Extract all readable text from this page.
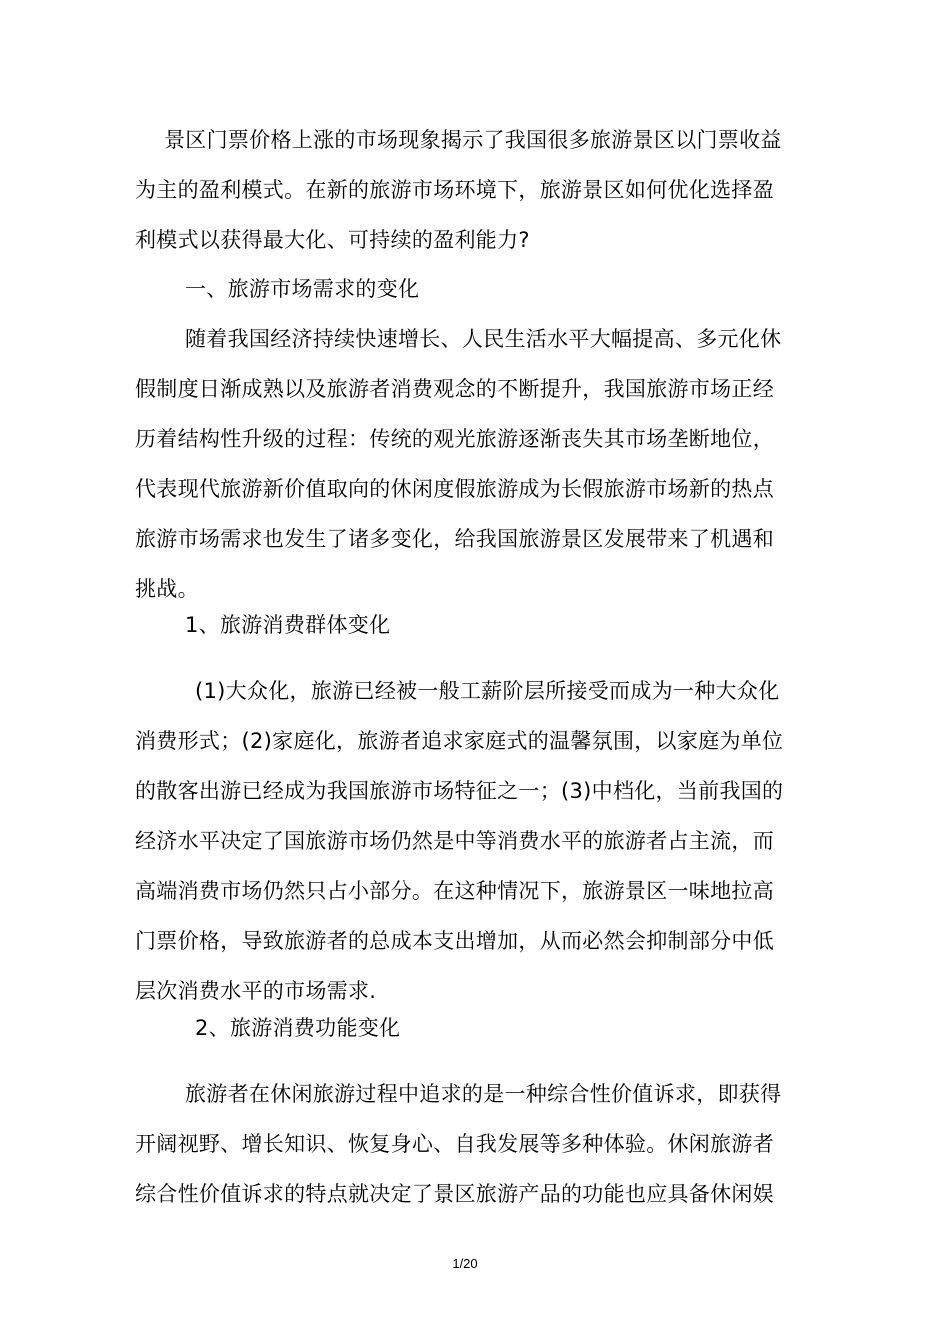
景区门票价格上涨的市场现象揭示了我国很多旅游景区以门票收益
为主的盈利模式。在新的旅游市场环境下，旅游景区如何优化选择盈
利模式以获得最大化、可持续的盈利能力?
一、旅游市场需求的变化
随着我国经济持续快速增长、人民生活水平大幅提高、多元化休
假制度日渐成熟以及旅游者消费观念的不断提升，我国旅游市场正经
历着结构性升级的过程：传统的观光旅游逐渐丧失其市场垄断地位，
代表现代旅游新价值取向的休闲度假旅游成为长假旅游市场新的热点
旅游市场需求也发生了诸多变化，给我国旅游景区发展带来了机遇和
挑战。
1、旅游消费群体变化
(1)大众化，旅游已经被一般工薪阶层所接受而成为一种大众化
消费形式；(2)家庭化，旅游者追求家庭式的温馨氛围，以家庭为单位
的散客出游已经成为我国旅游市场特征之一；(3)中档化，当前我国的
经济水平决定了国旅游市场仍然是中等消费水平的旅游者占主流，而
高端消费市场仍然只占小部分。在这种情况下，旅游景区一味地拉高
门票价格，导致旅游者的总成本支出增加，从而必然会抑制部分中低
层次消费水平的市场需求.
2、旅游消费功能变化
旅游者在休闲旅游过程中追求的是一种综合性价值诉求，即获得
开阔视野、增长知识、恢复身心、自我发展等多种体验。休闲旅游者
综合性价值诉求的特点就决定了景区旅游产品的功能也应具备休闲娱
1/20
